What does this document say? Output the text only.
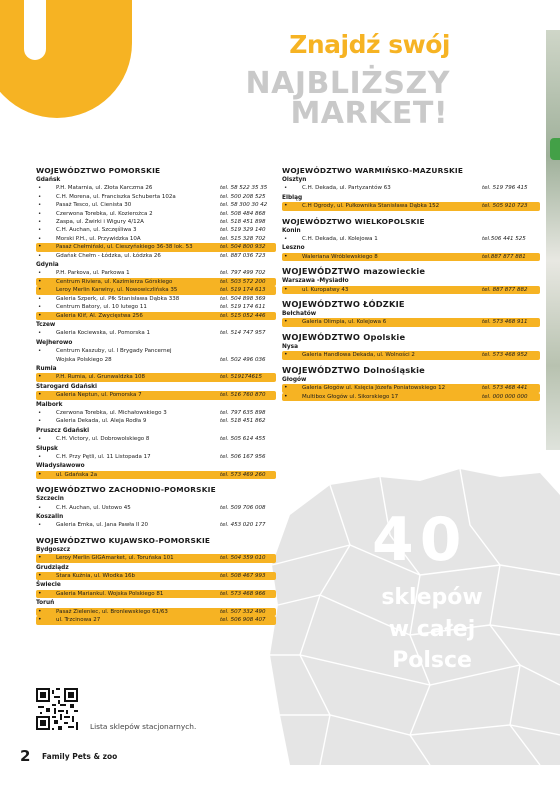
Znajdź swój
NAJBLIŻSZY
MARKET!
40
sklepów
w całej
Polsce
WOJEWÓDZTWO POMORSKIE
Gdańsk
•	P.H. Matarnia, ul. Złota Karczma 26	tel. 58 522 35 35
•	C.H. Morena, ul. Franciszka Schuberta 102a	tel. 500 208 525
•	Pasaż Tesco, ul. Cienista 30	tel. 58 300 30 42
•	Czerwona Torebka, ul. Kozierożca 2	tel. 508 484 868
•	Zaspa, ul. Żwirki i Wigury 4/12A	tel. 518 451 898
•	C.H. Auchan, ul. Szczęśliwa 3	tel. 519 329 140
•	Morski P.H., ul. Przywidzka 10A	tel. 515 328 702
•	Pasaż Chełmiński, ul. Cieszyńskiego 36-38 lok. 53	tel. 504 800 932
•	Gdańsk Chełm - Łódzka, ul. Łódzka 26	tel. 887 036 723
Gdynia
•	P.H. Parkova, ul. Parkowa 1	tel. 797 499 702
•	Centrum Riviera, ul. Kazimierza Górskiego	tel. 503 572 200
•	Leroy Merlin Karwiny, ul. Nowowiczlińska 35	tel. 519 174 613
•	Galeria Szperk, ul. Płk Stanisława Dąbka 338	tel. 504 898 369
•	Centrum Batory, ul. 10 lutego 11	tel. 519 174 611
•	Galeria Klif, Al. Zwycięstwa 256	tel. 515 052 446
Tczew
•	Galeria Kociewska, ul. Pomorska 1	tel. 514 747 957
Wejherowo
•	Centrum Kaszuby, ul. I Brygady Pancernej
Wojska Polskiego 28	tel. 502 496 036
Rumia
•	P.H. Rumia, ul. Grunwaldzka 108	tel. 519174615
Starogard Gdański
•	Galeria Neptun, ul. Pomorska 7	tel. 516 760 870
Malbork
•	Czerwona Torebka, ul. Michałowskiego 3	tel. 797 635 898
•	Galeria Dekada, ul. Aleja Rodła 9	tel. 518 451 862
Pruszcz Gdański
•	C.H. Victory, ul. Dobrowolskiego 8	tel. 505 614 455
Słupsk
•	C.H. Przy Pętli, ul. 11 Listopada 17	tel. 506 167 956
Władysławowo
•	ul. Gdańska 2a	tel. 573 469 260
WOJEWÓDZTWO ZACHODNIO-POMORSKIE
Szczecin
•	C.H. Auchan, ul. Ustowo 45	tel. 509 706 008
Koszalin
•	Galeria Emka, ul. Jana Pawła II 20	tel. 453 020 177
WOJEWÓDZTWO KUJAWSKO-POMORSKIE
Bydgoszcz
•	Leroy Merlin GIGAmarket, ul. Toruńska 101	tel. 504 359 010
Grudziądz
•	Stara Kuźnia, ul. Włodka 16b	tel. 508 467 993
Świecie
•	Galeria Mariankul. Wojska Polskiego 81	tel. 573 468 966
Toruń
•	Pasaż Zieleniec, ul. Bronlewskiego 61/63	tel. 507 332 490
•	ul. Trzcinowa 27	tel. 506 908 407
WOJEWÓDZTWO WARMIŃSKO-MAZURSKIE
Olsztyn
•	C.H. Dekada, ul. Partyzantów 63	tel. 519 796 415
Elbląg
•	C.H Ogrody, ul. Pułkownika Stanisława Dąbka 152	tel. 505 910 723
WOJEWÓDZTWO WIELKOPOLSKIE
Konin
•	C.H. Dekada, ul. Kolejowa 1	tel.506 441 525
Leszno
•	Waleriana Wróblewskiego 8	tel.887 877 881
WOJEWÓDZTWO mazowieckie
Warszawa -Mysiadło
•	ul. Kuropatwy 43	tel. 887 877 882
WOJEWÓDZTWO ŁÓDZKIE
Bełchatów
•	Galeria Olimpia, ul. Kolejowa 6	tel. 573 468 911
WOJEWÓDZTWO Opolskie
Nysa
•	Galeria Handlowa Dekada, ul. Wolności 2	tel. 573 468 952
WOJEWÓDZTWO Dolnośląskie
Głogów
•	Galeria Głogów ul. Księcia Józefa Poniatowskiego 12	tel. 573 468 441
•	Multibox Głogów ul. Sikorskiego 17	tel. 000 000 000
Lista sklepów stacjonarnych.
2 Family Pets & zoo
